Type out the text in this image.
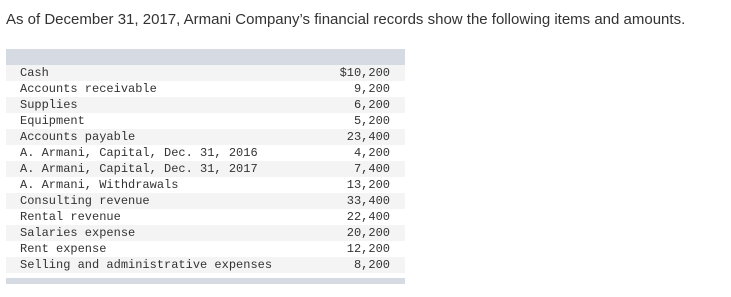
As of December 31, 2017, Armani Company’s financial records show the following items and amounts.
Cash	$10,200
Accounts receivable	9,200
Supplies	6,200
Equipment	5,200
Accounts payable	23,400
A. Armani, Capital, Dec. 31, 2016	4,200
A. Armani, Capital, Dec. 31, 2017	7,400
A. Armani, Withdrawals	13,200
Consulting revenue	33,400
Rental revenue	22,400
Salaries expense	20,200
Rent expense	12,200
Selling and administrative expenses	8,200
